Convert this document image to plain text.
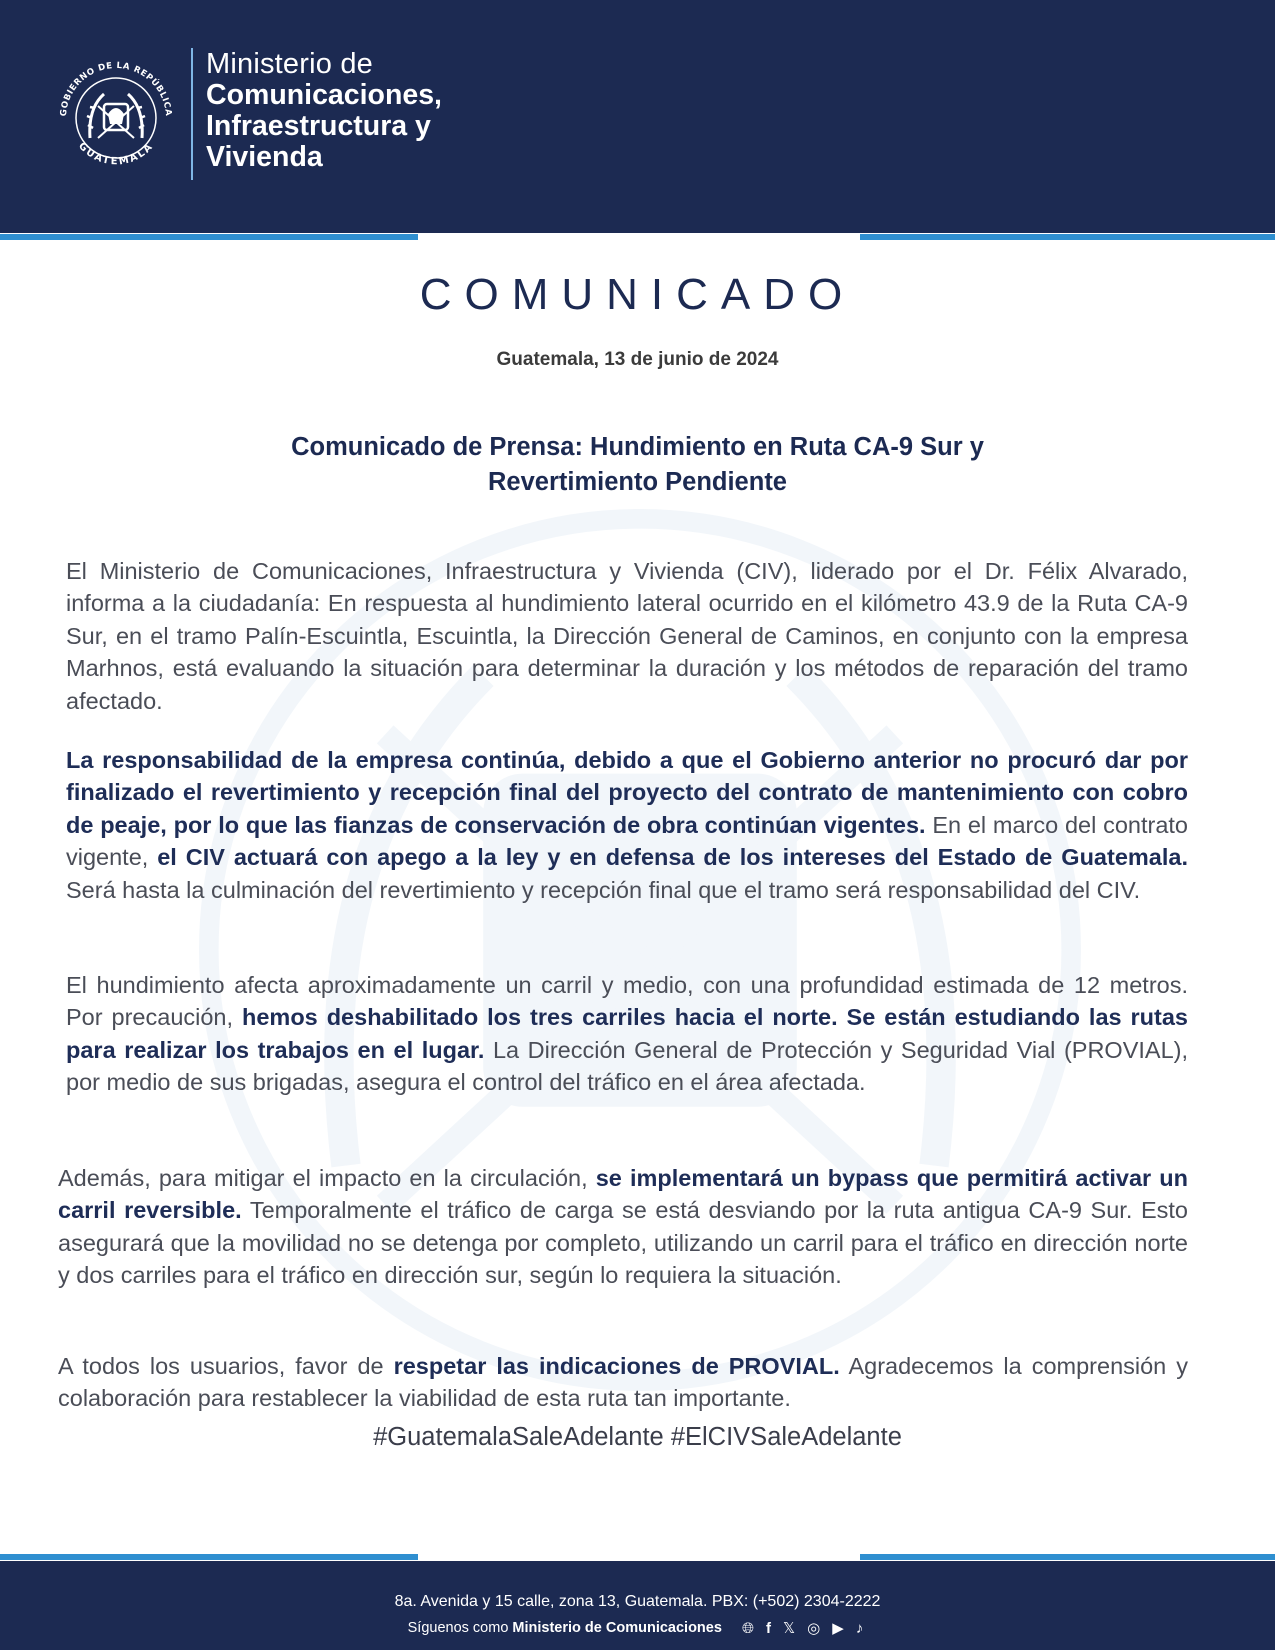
GOBIERNO DE LA REPÚBLICA
GUATEMALA
Ministerio de
Comunicaciones,
Infraestructura y
Vivienda
COMUNICADO
Guatemala, 13 de junio de 2024
Comunicado de Prensa: Hundimiento en Ruta CA-9 Sur y
Revertimiento Pendiente

El Ministerio de Comunicaciones, Infraestructura y Vivienda (CIV), liderado por el Dr. Félix Alvarado, informa a la ciudadanía: En respuesta al hundimiento lateral ocurrido en el kilómetro 43.9 de la Ruta CA-9 Sur, en el tramo Palín-Escuintla, Escuintla, la Dirección General de Caminos, en conjunto con la empresa Marhnos, está evaluando la situación para determinar la duración y los métodos de reparación del tramo afectado.

La responsabilidad de la empresa continúa, debido a que el Gobierno anterior no procuró dar por finalizado el revertimiento y recepción final del proyecto del contrato de mantenimiento con cobro de peaje, por lo que las fianzas de conservación de obra continúan vigentes. En el marco del contrato vigente, el CIV actuará con apego a la ley y en defensa de los intereses del Estado de Guatemala. Será hasta la culminación del revertimiento y recepción final que el tramo será responsabilidad del CIV.

El hundimiento afecta aproximadamente un carril y medio, con una profundidad estimada de 12 metros. Por precaución, hemos deshabilitado los tres carriles hacia el norte. Se están estudiando las rutas para realizar los trabajos en el lugar. La Dirección General de Protección y Seguridad Vial (PROVIAL), por medio de sus brigadas, asegura el control del tráfico en el área afectada.

Además, para mitigar el impacto en la circulación, se implementará un bypass que permitirá activar un carril reversible. Temporalmente el tráfico de carga se está desviando por la ruta antigua CA-9 Sur. Esto asegurará que la movilidad no se detenga por completo, utilizando un carril para el tráfico en dirección norte y dos carriles para el tráfico en dirección sur, según lo requiera la situación.

A todos los usuarios, favor de respetar las indicaciones de PROVIAL. Agradecemos la comprensión y colaboración para restablecer la viabilidad de esta ruta tan importante.

#GuatemalaSaleAdelante #ElCIVSaleAdelante
8a. Avenida y 15 calle, zona 13, Guatemala. PBX: (+502) 2304-2222
Síguenos como Ministerio de Comunicaciones 🌐︎ f 𝕏 ◎ ▶ ♪
